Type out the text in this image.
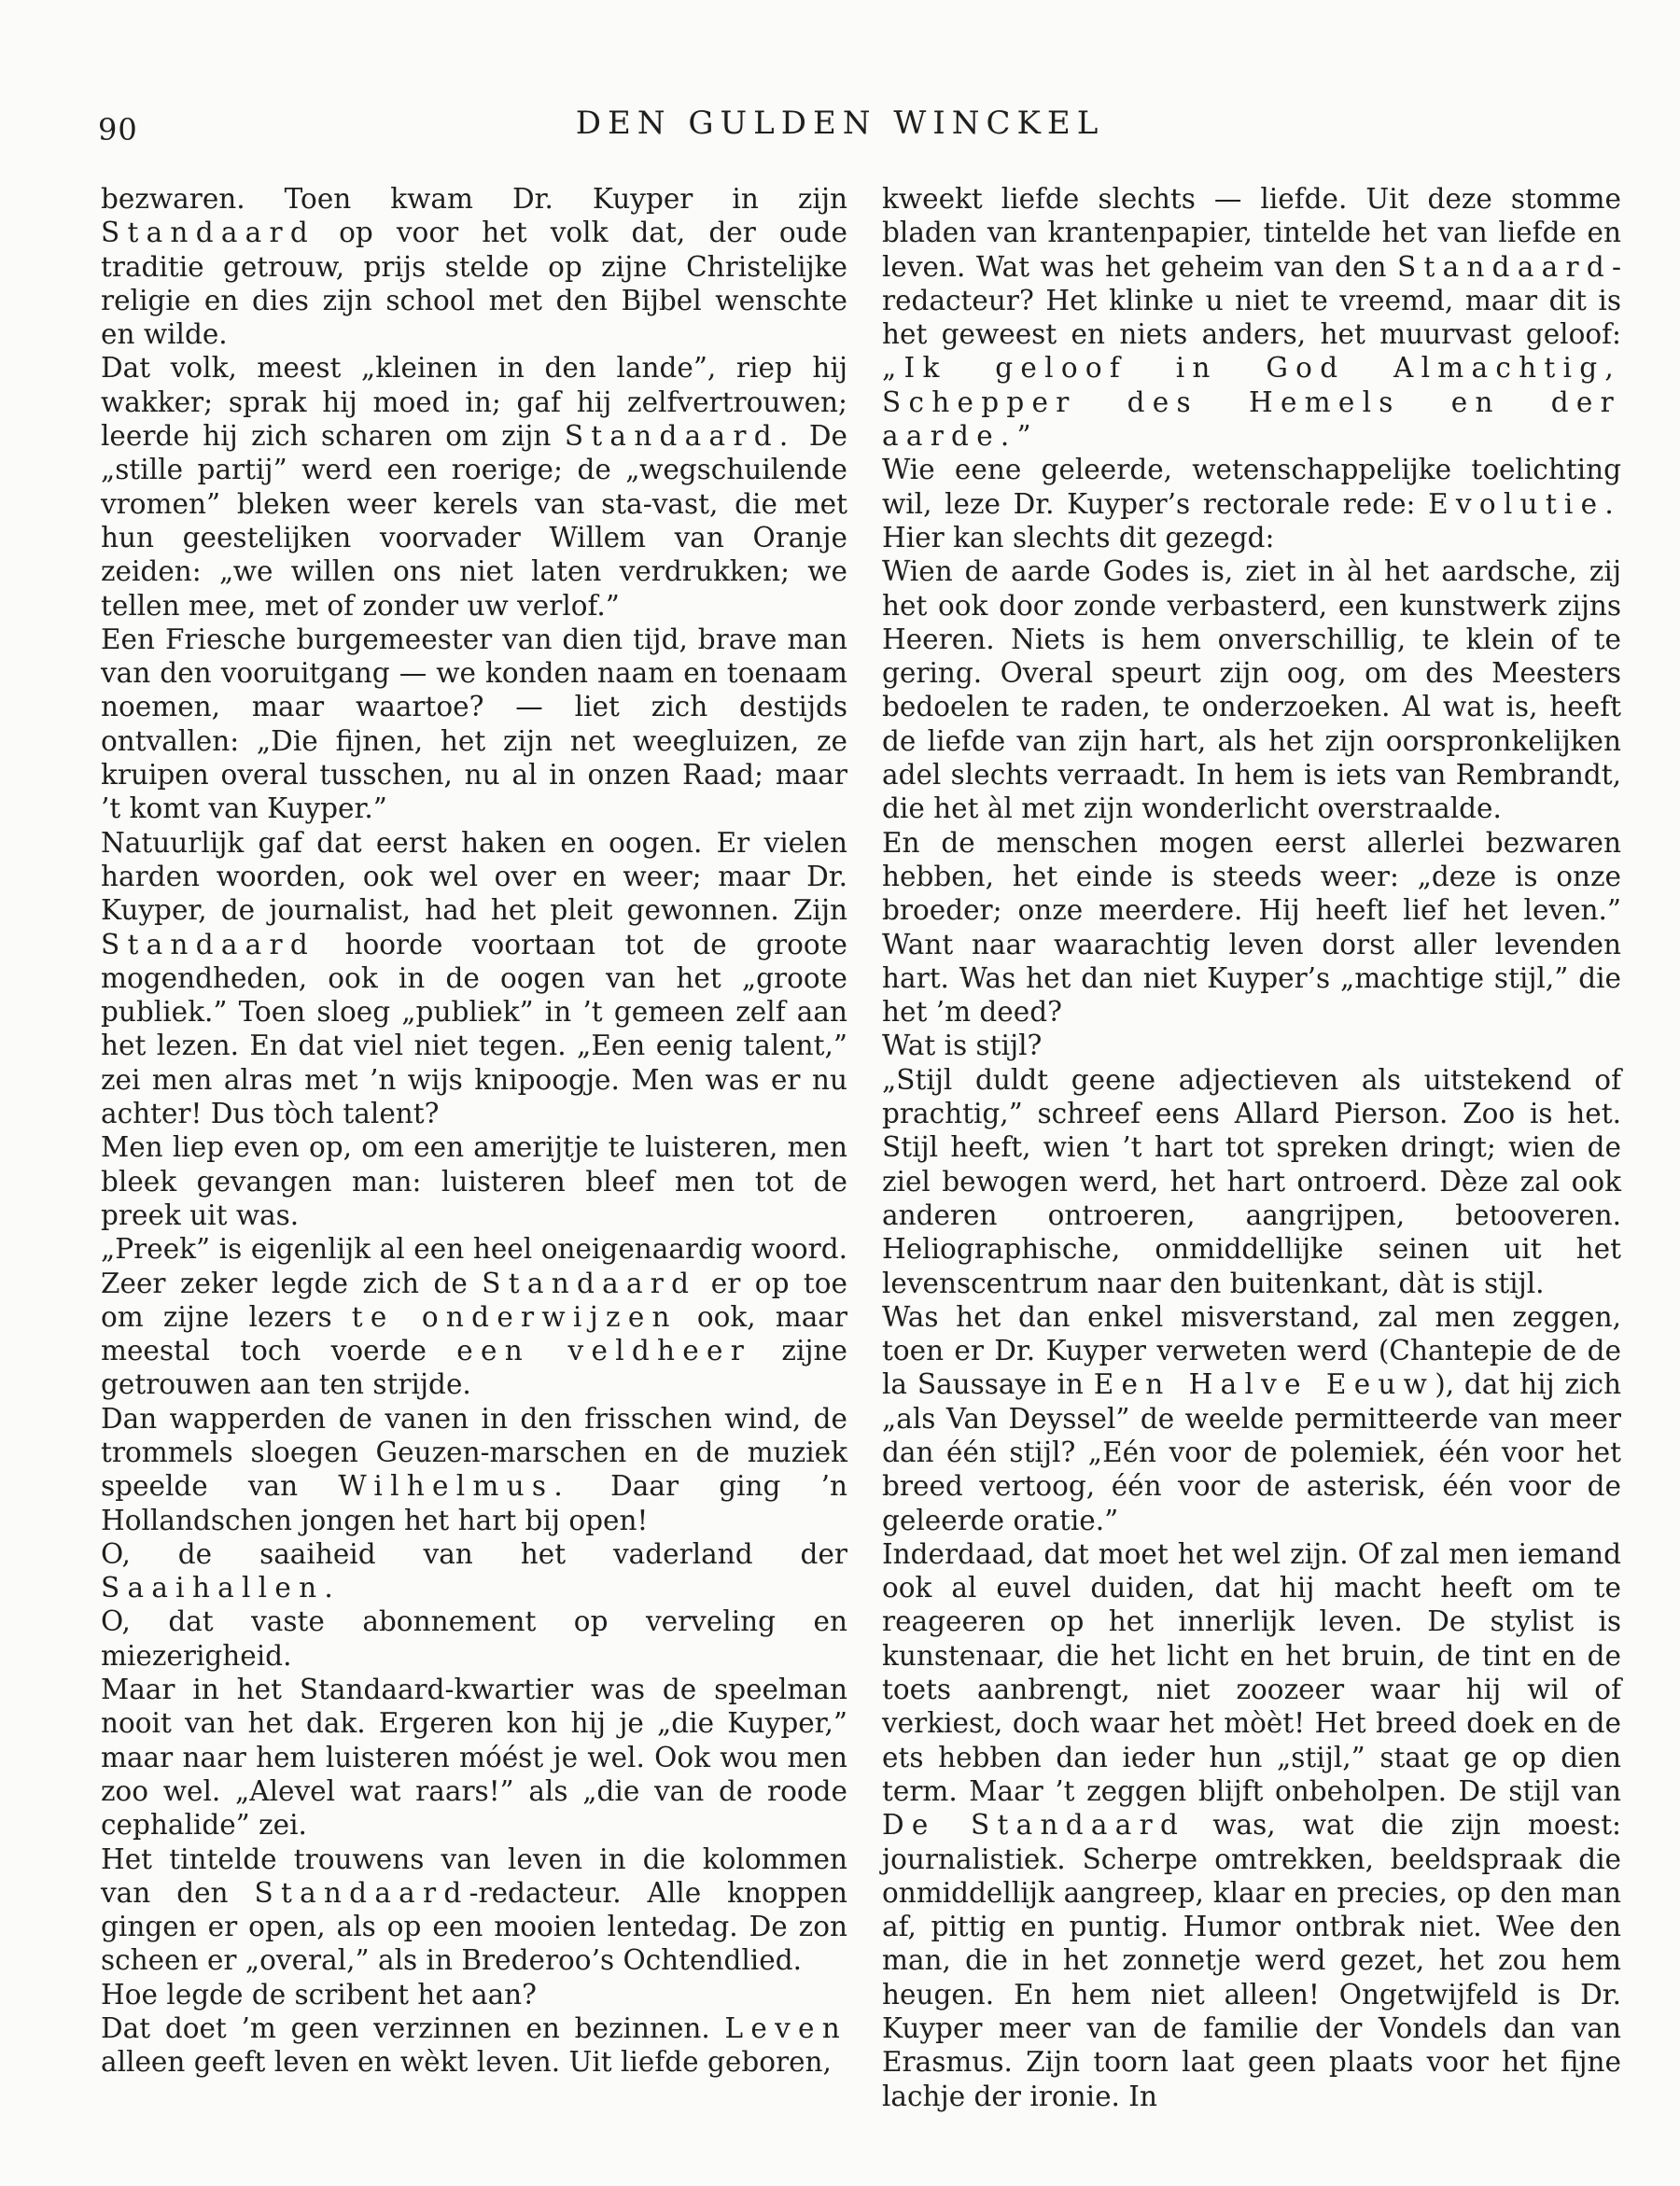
90	DEN GULDEN WINCKEL

bezwaren. Toen kwam Dr. Kuyper in zijn Standaard op voor het volk dat, der oude traditie getrouw, prijs stelde op zijne Christelijke religie en dies zijn school met den Bijbel wenschte en wilde.

Dat volk, meest „kleinen in den lande”, riep hij wakker; sprak hij moed in; gaf hij zelfvertrouwen; leerde hij zich scharen om zijn Standaard. De „stille partij” werd een roerige; de „wegschuilende vromen” bleken weer kerels van sta-vast, die met hun geestelijken voorvader Willem van Oranje zeiden: „we willen ons niet laten verdrukken; we tellen mee, met of zonder uw verlof.”

Een Friesche burgemeester van dien tijd, brave man van den vooruitgang — we konden naam en toenaam noemen, maar waartoe? — liet zich destijds ontvallen: „Die fijnen, het zijn net weegluizen, ze kruipen overal tusschen, nu al in onzen Raad; maar ’t komt van Kuyper.”

Natuurlijk gaf dat eerst haken en oogen. Er vielen harden woorden, ook wel over en weer; maar Dr. Kuyper, de journalist, had het pleit gewonnen. Zijn Standaard hoorde voortaan tot de groote mogendheden, ook in de oogen van het „groote publiek.” Toen sloeg „publiek” in ’t gemeen zelf aan het lezen. En dat viel niet tegen. „Een eenig talent,” zei men alras met ’n wijs knipoogje. Men was er nu achter! Dus tòch talent?

Men liep even op, om een amerijtje te luisteren, men bleek gevangen man: luisteren bleef men tot de preek uit was.

„Preek” is eigenlijk al een heel oneigenaardig woord. Zeer zeker legde zich de Standaard er op toe om zijne lezers te onderwijzen ook, maar meestal toch voerde een veldheer zijne getrouwen aan ten strijde.

Dan wapperden de vanen in den frisschen wind, de trommels sloegen Geuzen-marschen en de muziek speelde van Wilhelmus. Daar ging ’n Hollandschen jongen het hart bij open!

O, de saaiheid van het vaderland der Saaihallen.

O, dat vaste abonnement op verveling en miezerigheid.

Maar in het Standaard-kwartier was de speelman nooit van het dak. Ergeren kon hij je „die Kuyper,” maar naar hem luisteren móést je wel. Ook wou men zoo wel. „Alevel wat raars!” als „die van de roode cephalide” zei.

Het tintelde trouwens van leven in die kolommen van den Standaard-redacteur. Alle knoppen gingen er open, als op een mooien lentedag. De zon scheen er „overal,” als in Brederoo’s Ochtendlied.

Hoe legde de scribent het aan?

Dat doet ’m geen verzinnen en bezinnen. Leven alleen geeft leven en wèkt leven. Uit liefde geboren,

kweekt liefde slechts — liefde. Uit deze stomme bladen van krantenpapier, tintelde het van liefde en leven. Wat was het geheim van den Standaard-redacteur? Het klinke u niet te vreemd, maar dit is het geweest en niets anders, het muurvast geloof: „Ik geloof in God Almachtig, Schepper des Hemels en der aarde.”

Wie eene geleerde, wetenschappelijke toelichting wil, leze Dr. Kuyper’s rectorale rede: Evolutie. Hier kan slechts dit gezegd:

Wien de aarde Godes is, ziet in àl het aardsche, zij het ook door zonde verbasterd, een kunstwerk zijns Heeren. Niets is hem onverschillig, te klein of te gering. Overal speurt zijn oog, om des Meesters bedoelen te raden, te onderzoeken. Al wat is, heeft de liefde van zijn hart, als het zijn oorspronkelijken adel slechts verraadt. In hem is iets van Rembrandt, die het àl met zijn wonderlicht overstraalde.

En de menschen mogen eerst allerlei bezwaren hebben, het einde is steeds weer: „deze is onze broeder; onze meerdere. Hij heeft lief het leven.” Want naar waarachtig leven dorst aller levenden hart. Was het dan niet Kuyper’s „machtige stijl,” die het ’m deed?

Wat is stijl?

„Stijl duldt geene adjectieven als uitstekend of prachtig,” schreef eens Allard Pierson. Zoo is het. Stijl heeft, wien ’t hart tot spreken dringt; wien de ziel bewogen werd, het hart ontroerd. Dèze zal ook anderen ontroeren, aangrijpen, betooveren. Heliographische, onmiddellijke seinen uit het levenscentrum naar den buitenkant, dàt is stijl.

Was het dan enkel misverstand, zal men zeggen, toen er Dr. Kuyper verweten werd (Chantepie de de la Saussaye in Een Halve Eeuw), dat hij zich „als Van Deyssel” de weelde permitteerde van meer dan één stijl? „Eén voor de polemiek, één voor het breed vertoog, één voor de asterisk, één voor de geleerde oratie.”

Inderdaad, dat moet het wel zijn. Of zal men iemand ook al euvel duiden, dat hij macht heeft om te reageeren op het innerlijk leven. De stylist is kunstenaar, die het licht en het bruin, de tint en de toets aanbrengt, niet zoozeer waar hij wil of verkiest, doch waar het mòèt! Het breed doek en de ets hebben dan ieder hun „stijl,” staat ge op dien term. Maar ’t zeggen blijft onbeholpen. De stijl van De Standaard was, wat die zijn moest: journalistiek. Scherpe omtrekken, beeldspraak die onmiddellijk aangreep, klaar en precies, op den man af, pittig en puntig. Humor ontbrak niet. Wee den man, die in het zonnetje werd gezet, het zou hem heugen. En hem niet alleen! Ongetwijfeld is Dr. Kuyper meer van de familie der Vondels dan van Erasmus. Zijn toorn laat geen plaats voor het fijne lachje der ironie. In
